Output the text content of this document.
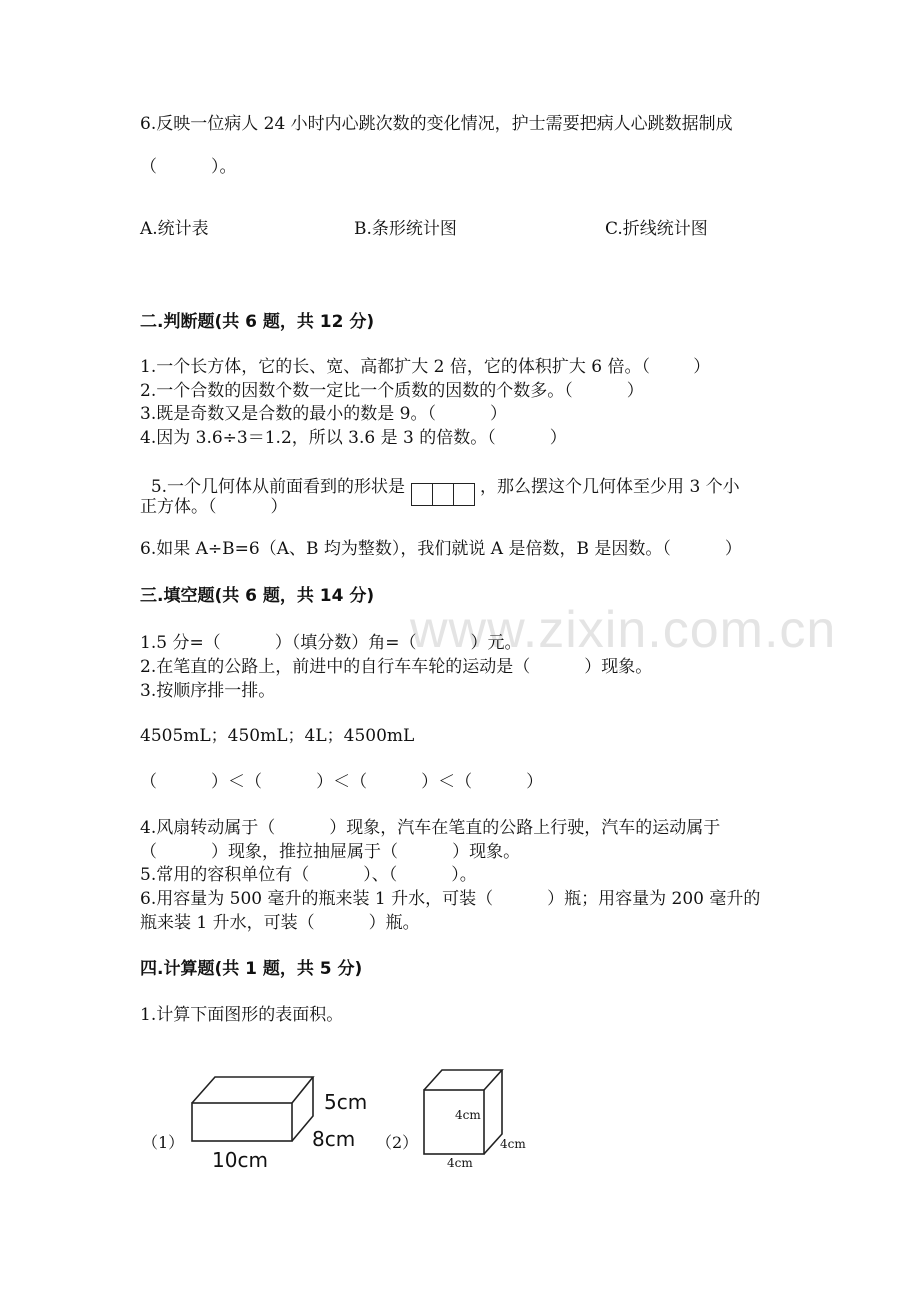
www.zixin.com.cn
6.反映一位病人 24 小时内心跳次数的变化情况，护士需要把病人心跳数据制成
（          ）。
A.统计表	B.条形统计图	C.折线统计图
二.判断题(共 6 题，共 12 分)
1.一个长方体，它的长、宽、高都扩大 2 倍，它的体积扩大 6 倍。（        ）
2.一个合数的因数个数一定比一个质数的因数的个数多。（          ）
3.既是奇数又是合数的最小的数是 9。（          ）
4.因为 3.6÷3＝1.2，所以 3.6 是 3 的倍数。（          ）

5.一个几何体从前面看到的形状是	，那么摆这个几何体至少用 3 个小

正方体。（          ）
6.如果 A÷B=6（A、B 均为整数），我们就说 A 是倍数，B 是因数。（          ）
三.填空题(共 6 题，共 14 分)
1.5 分=（          ）（填分数）角=（          ）元。
2.在笔直的公路上，前进中的自行车车轮的运动是（          ）现象。
3.按顺序排一排。
4505mL；450mL；4L；4500mL
（          ）＜（          ）＜（          ）＜（          ）
4.风扇转动属于（          ）现象，汽车在笔直的公路上行驶，汽车的运动属于
（          ）现象，推拉抽屉属于（          ）现象。
5.常用的容积单位有（          ）、（          ）。
6.用容量为 500 毫升的瓶来装 1 升水，可装（          ）瓶；用容量为 200 毫升的
瓶来装 1 升水，可装（          ）瓶。
四.计算题(共 1 题，共 5 分)
1.计算下面图形的表面积。
（1）
5cm
8cm
10cm
（2）
4cm
4cm
4cm
